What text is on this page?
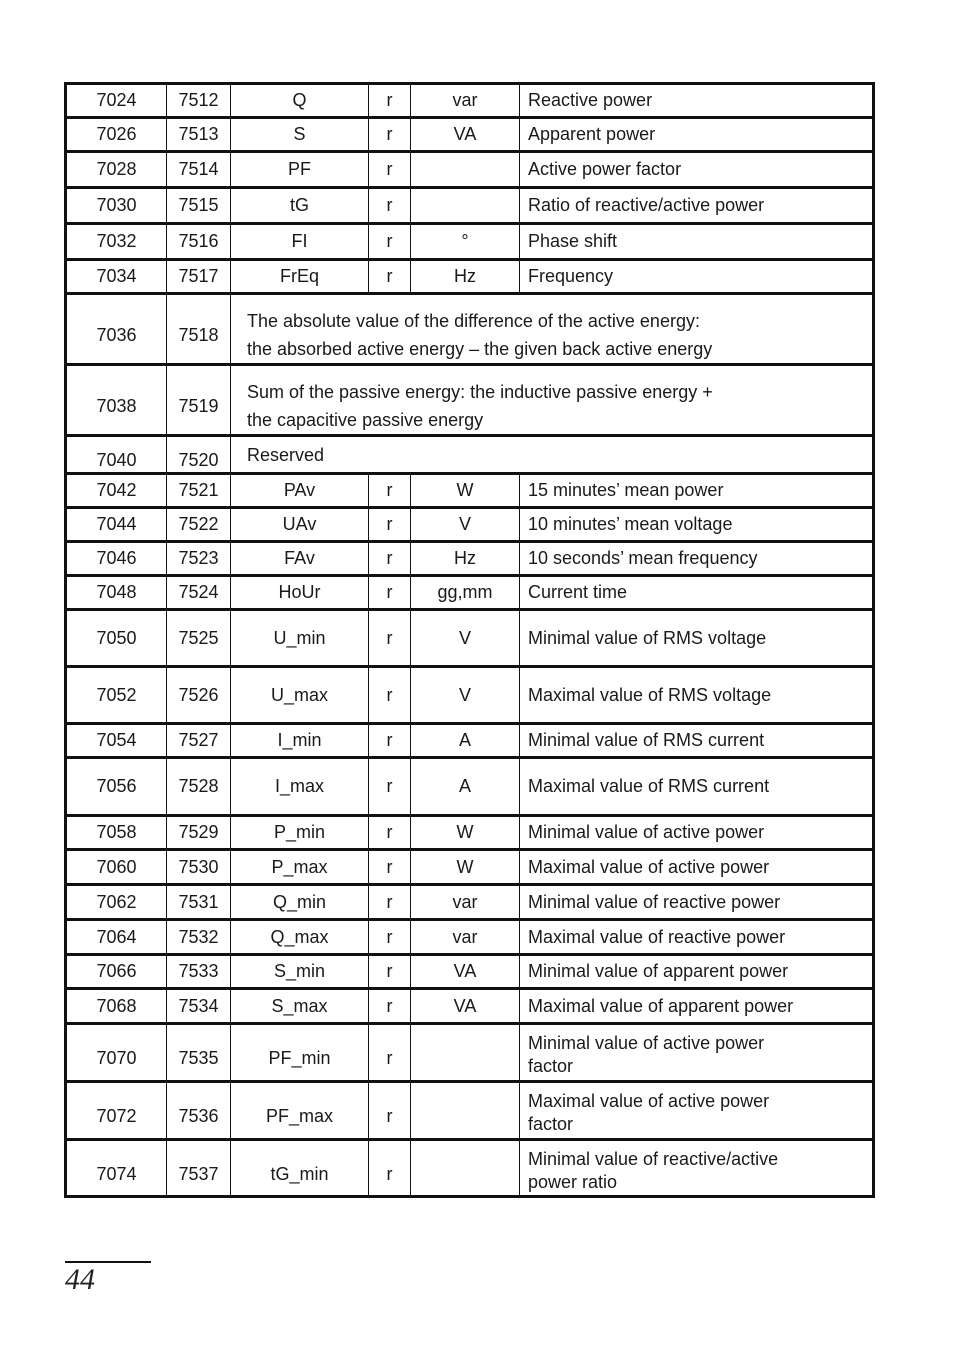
7024	7512	Q	r	var	Reactive power
7026	7513	S	r	VA	Apparent power
7028	7514	PF	r		Active power factor
7030	7515	tG	r		Ratio of reactive/active power
7032	7516	FI	r	°	Phase shift
7034	7517	FrEq	r	Hz	Frequency
7036	7518	The absolute value of the difference of the active energy:
the absorbed active energy – the given back active energy			

7038	7519	Sum of the passive energy: the inductive passive energy +
the capacitive passive energy			

7040	7520	Reserved			

7042	7521	PAv	r	W	15 minutes’ mean power
7044	7522	UAv	r	V	10 minutes’ mean voltage
7046	7523	FAv	r	Hz	10 seconds’ mean frequency
7048	7524	HoUr	r	gg,mm	Current time
7050	7525	U_min	r	V	Minimal value of RMS voltage
7052	7526	U_max	r	V	Maximal value of RMS voltage
7054	7527	I_min	r	A	Minimal value of RMS current
7056	7528	I_max	r	A	Maximal value of RMS current
7058	7529	P_min	r	W	Minimal value of active power
7060	7530	P_max	r	W	Maximal value of active power
7062	7531	Q_min	r	var	Minimal value of reactive power
7064	7532	Q_max	r	var	Maximal value of reactive power
7066	7533	S_min	r	VA	Minimal value of apparent power
7068	7534	S_max	r	VA	Maximal value of apparent power
7070	7535	PF_min	r		Minimal value of active power
factor

7072	7536	PF_max	r		Maximal value of active power
factor

7074	7537	tG_min	r		Minimal value of reactive/active
power ratio
44
